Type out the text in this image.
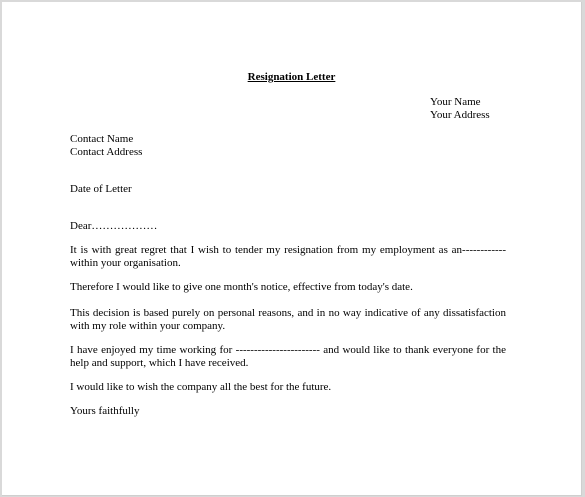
Resignation Letter
Your Name
Your Address
Contact Name
Contact Address
Date of Letter
Dear………………
It is with great regret that I wish to tender my resignation from my employment as an------------ within your organisation.
Therefore I would like to give one month's notice, effective from today's date.
This decision is based purely on personal reasons, and in no way indicative of any dissatisfaction with my role within your company.
I have enjoyed my time working for ----------------------- and would like to thank everyone for the help and support, which I have received.
I would like to wish the company all the best for the future.
Yours faithfully
